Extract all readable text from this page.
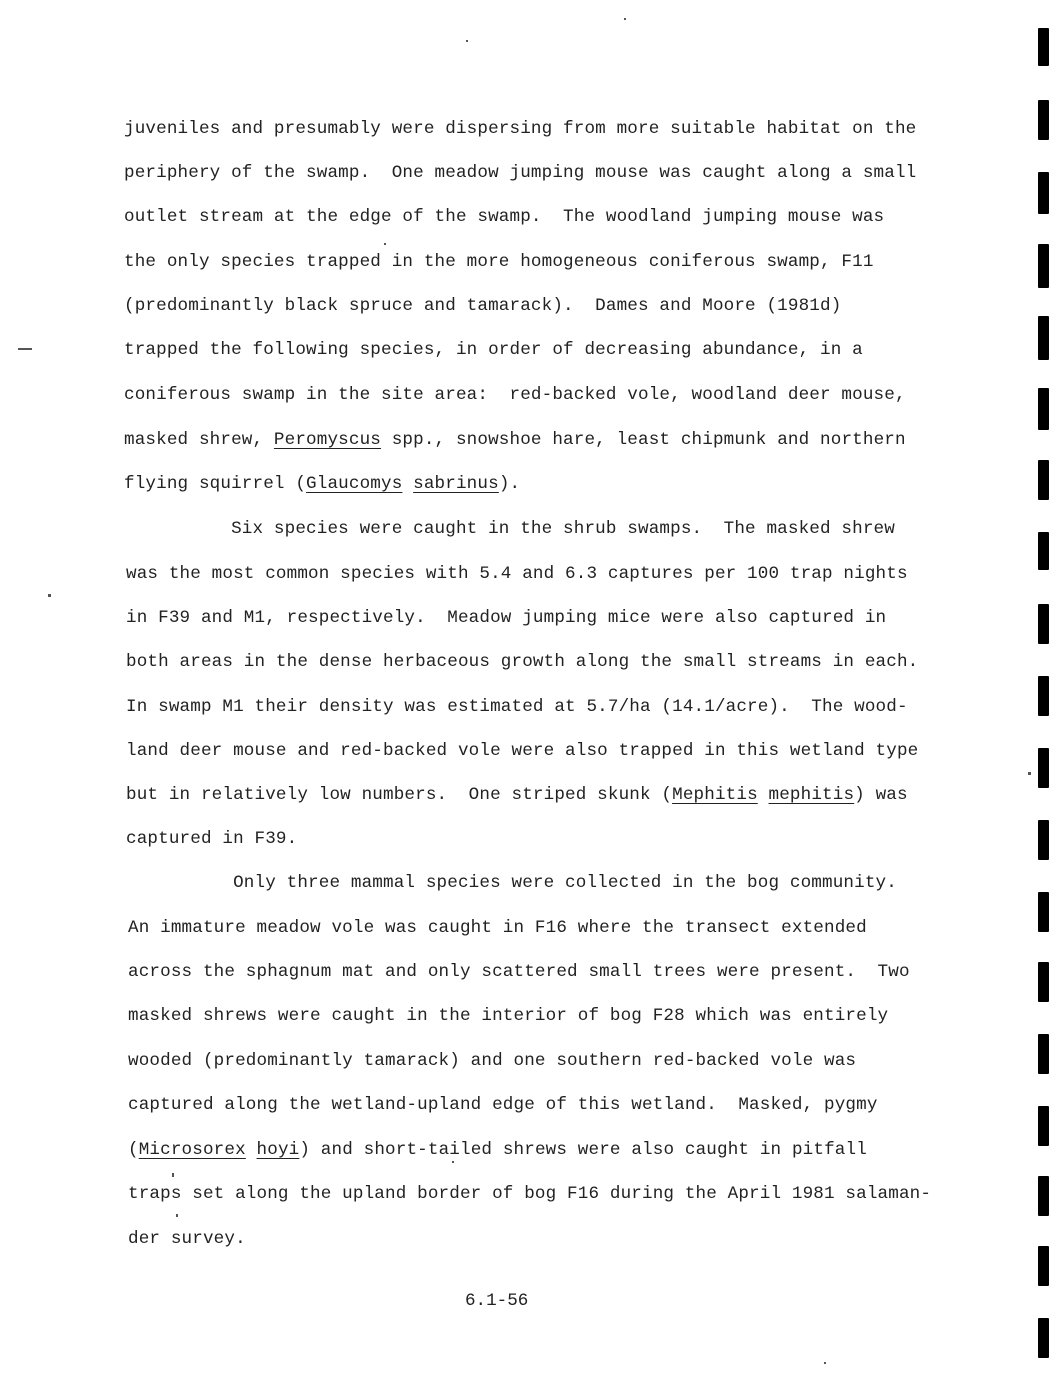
juveniles and presumably were dispersing from more suitable habitat on the
periphery of the swamp.  One meadow jumping mouse was caught along a small
outlet stream at the edge of the swamp.  The woodland jumping mouse was
the only species trapped in the more homogeneous coniferous swamp, F11
(predominantly black spruce and tamarack).  Dames and Moore (1981d)
trapped the following species, in order of decreasing abundance, in a
coniferous swamp in the site area:  red-backed vole, woodland deer mouse,
masked shrew, Peromyscus spp., snowshoe hare, least chipmunk and northern
flying squirrel (Glaucomys sabrinus).
Six species were caught in the shrub swamps.  The masked shrew
was the most common species with 5.4 and 6.3 captures per 100 trap nights
in F39 and M1, respectively.  Meadow jumping mice were also captured in
both areas in the dense herbaceous growth along the small streams in each.
In swamp M1 their density was estimated at 5.7/ha (14.1/acre).  The wood-
land deer mouse and red-backed vole were also trapped in this wetland type
but in relatively low numbers.  One striped skunk (Mephitis mephitis) was
captured in F39.
Only three mammal species were collected in the bog community.
An immature meadow vole was caught in F16 where the transect extended
across the sphagnum mat and only scattered small trees were present.  Two
masked shrews were caught in the interior of bog F28 which was entirely
wooded (predominantly tamarack) and one southern red-backed vole was
captured along the wetland-upland edge of this wetland.  Masked, pygmy
(Microsorex hoyi) and short-tailed shrews were also caught in pitfall
traps set along the upland border of bog F16 during the April 1981 salaman-
der survey.
6.1-56
